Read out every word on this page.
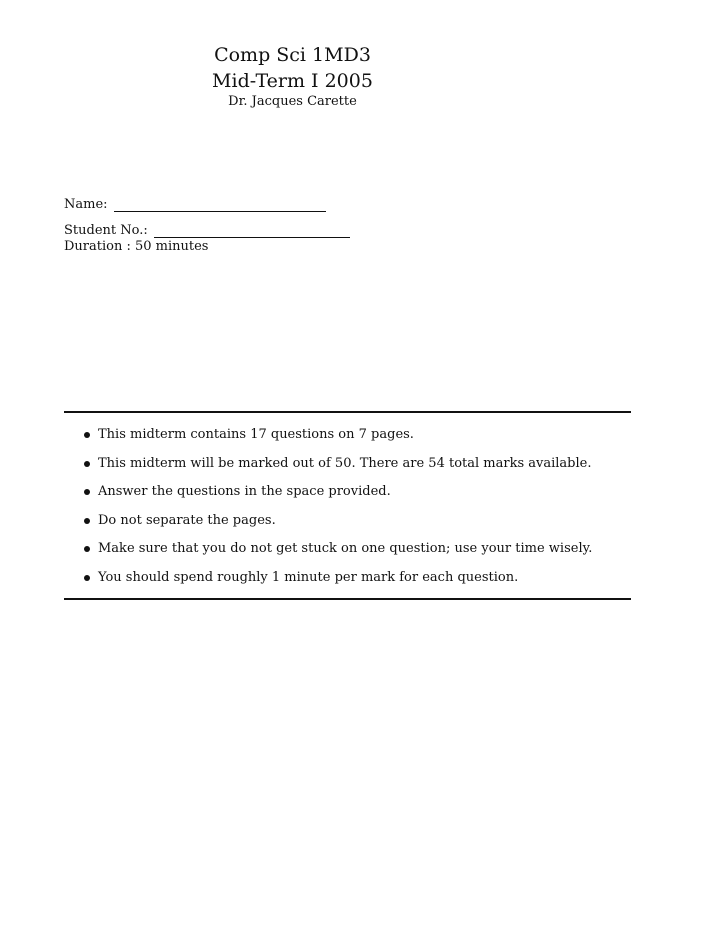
Comp Sci 1MD3
Mid-Term I 2005
Dr. Jacques Carette
Name:
Student No.:
Duration : 50 minutes
This midterm contains 17 questions on 7 pages.
This midterm will be marked out of 50. There are 54 total marks available.
Answer the questions in the space provided.
Do not separate the pages.
Make sure that you do not get stuck on one question; use your time wisely.
You should spend roughly 1 minute per mark for each question.
